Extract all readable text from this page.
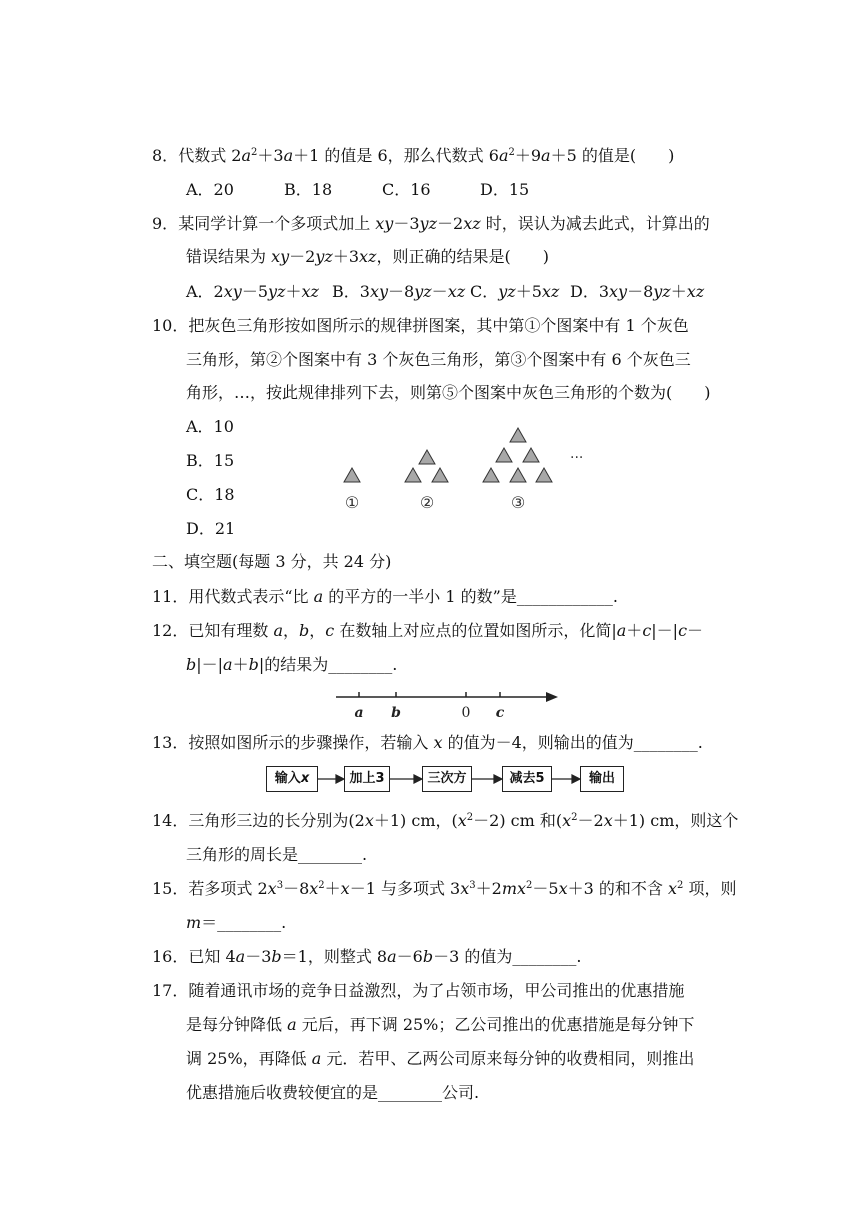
8．代数式 $2a^2+3a+1$ 的值是 6，那么代数式 $6a^2+9a+5$ 的值是(　　)
A．20	B．18	C．16	D．15
9．某同学计算一个多项式加上 xy－3yz－2xz 时，误认为减去此式，计算出的
错误结果为 xy－2yz＋3xz，则正确的结果是(　　)
A．2xy－5yz＋xz B．3xy－8yz－xz C．yz＋5xz D．3xy－8yz＋xz
10．把灰色三角形按如图所示的规律拼图案，其中第①个图案中有 1 个灰色
三角形，第②个图案中有 3 个灰色三角形，第③个图案中有 6 个灰色三
角形，…，按此规律排列下去，则第⑤个图案中灰色三角形的个数为(　　)
A．10
B．15
C．18
D．21
①	②	③
···
二、填空题(每题 3 分，共 24 分)
11．用代数式表示“比 a 的平方的一半小 1 的数”是____________.
12．已知有理数 a，b，c 在数轴上对应点的位置如图所示，化简|a＋c|－|c－
b|－|a＋b|的结果为________.
a b	0 c
13．按照如图所示的步骤操作，若输入 x 的值为－4，则输出的值为________.
输入x	加上3	三次方	减去5	输出
14．三角形三边的长分别为(2x＋1) cm，$(x^2-2)$ cm 和$(x^2-2x+1)$ cm，则这个
三角形的周长是________.
15．若多项式 $2x^3-8x^2+x-1$ 与多项式 $3x^3+2mx^2-5x+3$ 的和不含 $x^2$ 项，则
m＝________.
16．已知 4a－3b＝1，则整式 8a－6b－3 的值为________.
17．随着通讯市场的竞争日益激烈，为了占领市场，甲公司推出的优惠措施
是每分钟降低 a 元后，再下调 25%；乙公司推出的优惠措施是每分钟下
调 25%，再降低 a 元．若甲、乙两公司原来每分钟的收费相同，则推出
优惠措施后收费较便宜的是________公司.
